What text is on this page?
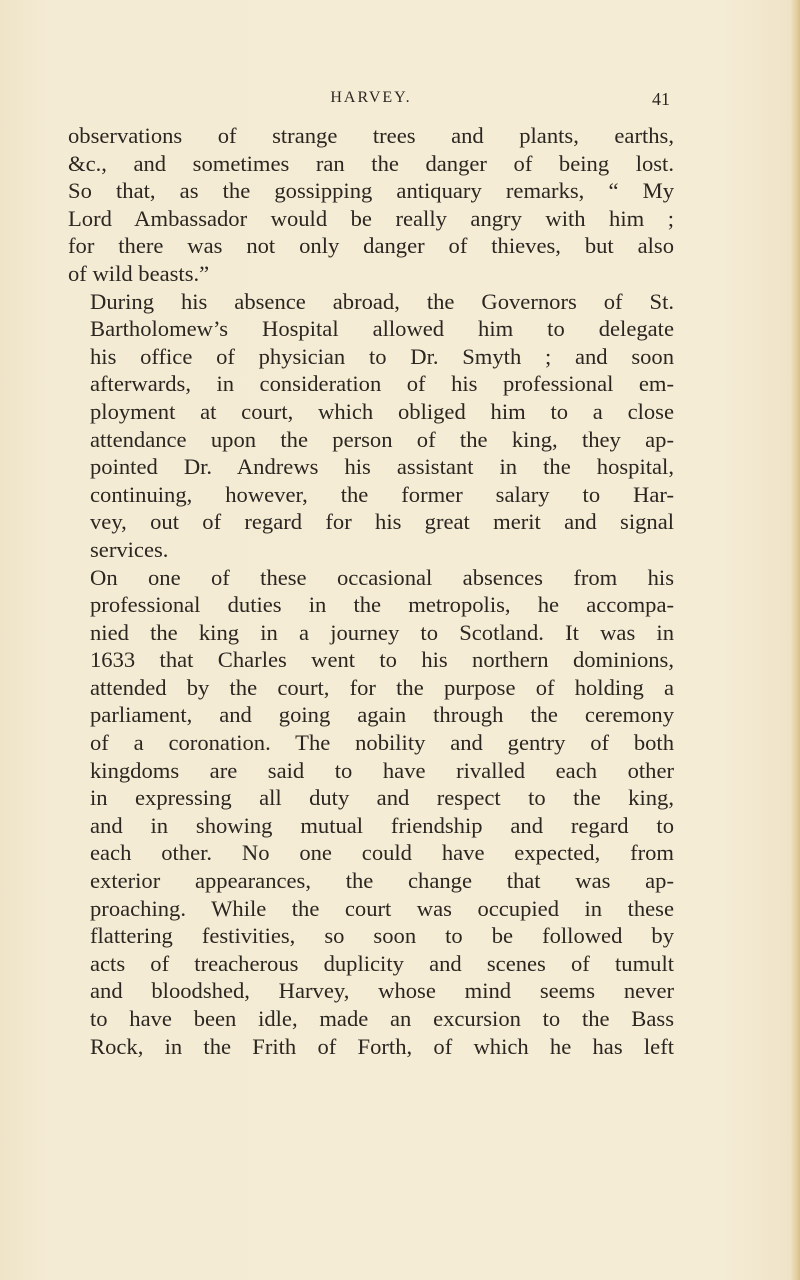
HARVEY.	41

observations of strange trees and plants, earths,
&c., and sometimes ran the danger of being lost.
So that, as the gossipping antiquary remarks, “ My
Lord Ambassador would be really angry with him ;
for there was not only danger of thieves, but also
of wild beasts.”

During his absence abroad, the Governors of St.
Bartholomew’s Hospital allowed him to delegate
his office of physician to Dr. Smyth ; and soon
afterwards, in consideration of his professional em-
ployment at court, which obliged him to a close
attendance upon the person of the king, they ap-
pointed Dr. Andrews his assistant in the hospital,
continuing, however, the former salary to Har-
vey, out of regard for his great merit and signal
services.

On one of these occasional absences from his
professional duties in the metropolis, he accompa-
nied the king in a journey to Scotland. It was in
1633 that Charles went to his northern dominions,
attended by the court, for the purpose of holding a
parliament, and going again through the ceremony
of a coronation. The nobility and gentry of both
kingdoms are said to have rivalled each other
in expressing all duty and respect to the king,
and in showing mutual friendship and regard to
each other. No one could have expected, from
exterior appearances, the change that was ap-
proaching. While the court was occupied in these
flattering festivities, so soon to be followed by
acts of treacherous duplicity and scenes of tumult
and bloodshed, Harvey, whose mind seems never
to have been idle, made an excursion to the Bass
Rock, in the Frith of Forth, of which he has left
